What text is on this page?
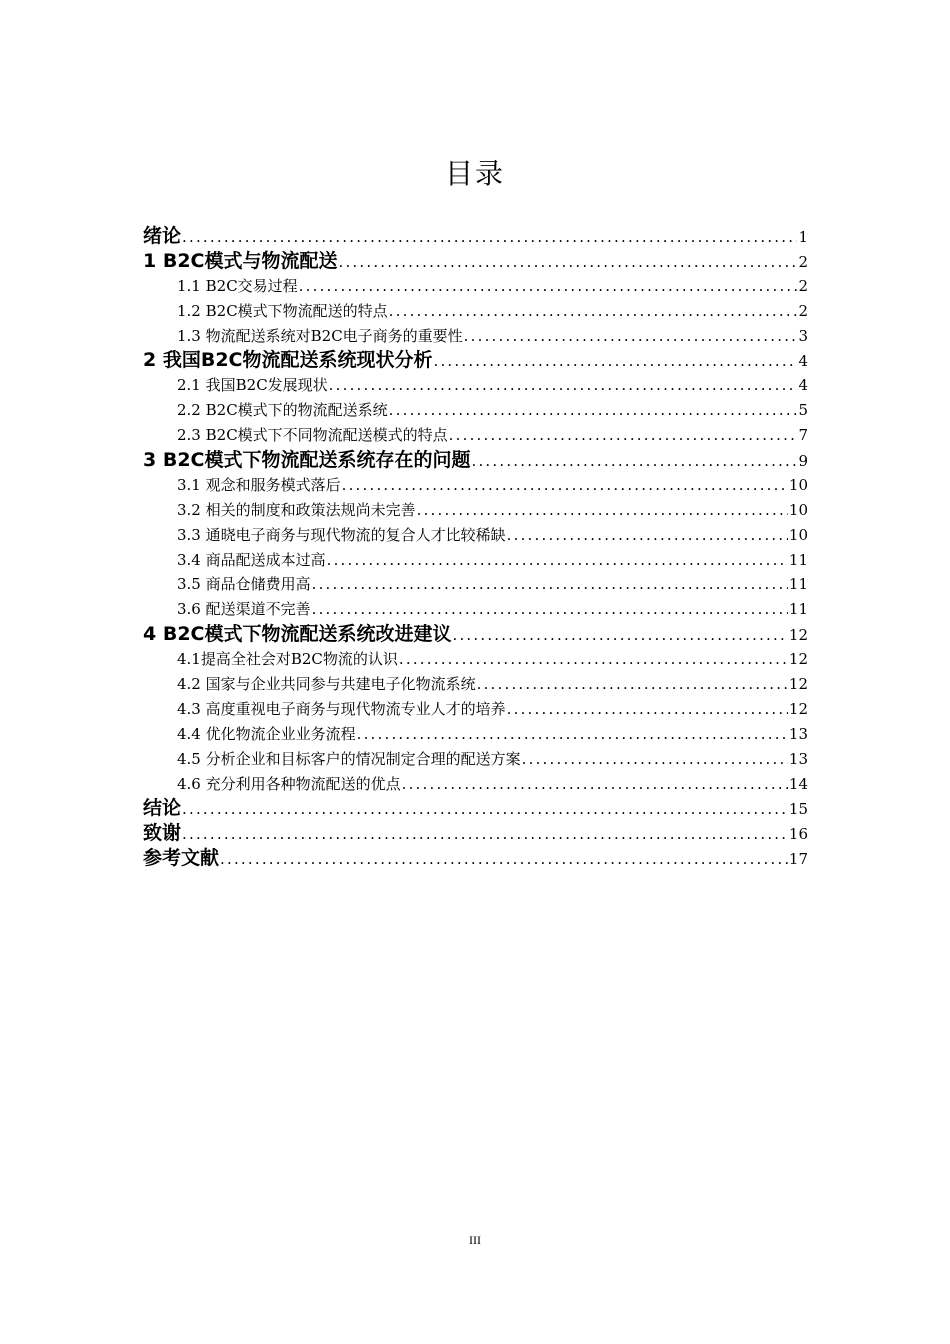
目录
绪论 .....	1
1 B2C模式与物流配送 .....	2
1.1 B2C交易过程 .....	2
1.2 B2C模式下物流配送的特点 .....	2
1.3 物流配送系统对B2C电子商务的重要性 .....	3
2 我国B2C物流配送系统现状分析 .....	4
2.1 我国B2C发展现状 .....	4
2.2 B2C模式下的物流配送系统 .....	5
2.3 B2C模式下不同物流配送模式的特点 .....	7
3 B2C模式下物流配送系统存在的问题 .....	9
3.1 观念和服务模式落后 .....	10
3.2 相关的制度和政策法规尚未完善 .....	10
3.3 通晓电子商务与现代物流的复合人才比较稀缺 .....	10
3.4 商品配送成本过高 .....	11
3.5 商品仓储费用高 .....	11
3.6 配送渠道不完善 .....	11
4 B2C模式下物流配送系统改进建议 .....	12
4.1提高全社会对B2C物流的认识 .....	12
4.2 国家与企业共同参与共建电子化物流系统 .....	12
4.3 高度重视电子商务与现代物流专业人才的培养 .....	12
4.4 优化物流企业业务流程 .....	13
4.5 分析企业和目标客户的情况制定合理的配送方案 .....	13
4.6 充分利用各种物流配送的优点 .....	14
结论 .....	15
致谢 .....	16
参考文献 .....	17
III
